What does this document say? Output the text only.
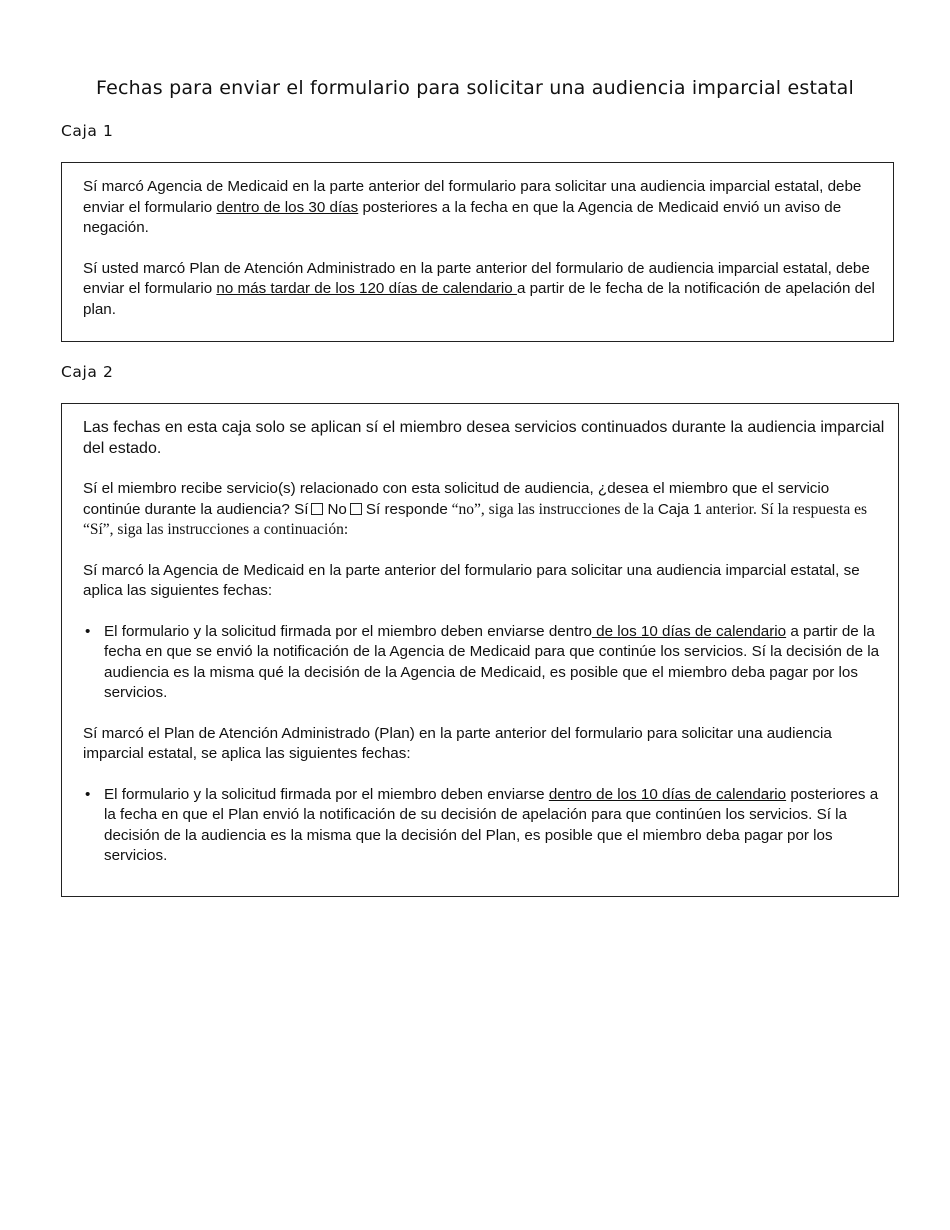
Fechas para enviar el formulario para solicitar una audiencia imparcial estatal
Caja 1

Sí marcó Agencia de Medicaid en la parte anterior del formulario para solicitar una audiencia imparcial estatal, debe enviar el formulario dentro de los 30 días posteriores a la fecha en que la Agencia de Medicaid envió un aviso de negación.

Sí usted marcó Plan de Atención Administrado en la parte anterior del formulario de audiencia imparcial estatal, debe enviar el formulario no más tardar de los 120 días de calendario a partir de le fecha de la notificación de apelación del plan.

Caja 2

Las fechas en esta caja solo se aplican sí el miembro desea servicios continuados durante la audiencia imparcial del estado.

Sí el miembro recibe servicio(s) relacionado con esta solicitud de audiencia, ¿desea el miembro que el servicio continúe durante la audiencia? Sí No Sí responde “no”, siga las instrucciones de la Caja 1 anterior. Sí la respuesta es “Sí”, siga las instrucciones a continuación:

Sí marcó la Agencia de Medicaid en la parte anterior del formulario para solicitar una audiencia imparcial estatal, se aplica las siguientes fechas:

• El formulario y la solicitud firmada por el miembro deben enviarse dentro de los 10 días de calendario a partir de la fecha en que se envió la notificación de la Agencia de Medicaid para que continúe los servicios. Sí la decisión de la audiencia es la misma qué la decisión de la Agencia de Medicaid, es posible que el miembro deba pagar por los servicios.

Sí marcó el Plan de Atención Administrado (Plan) en la parte anterior del formulario para solicitar una audiencia imparcial estatal, se aplica las siguientes fechas:

• El formulario y la solicitud firmada por el miembro deben enviarse dentro de los 10 días de calendario posteriores a la fecha en que el Plan envió la notificación de su decisión de apelación para que continúen los servicios. Sí la decisión de la audiencia es la misma que la decisión del Plan, es posible que el miembro deba pagar por los servicios.
